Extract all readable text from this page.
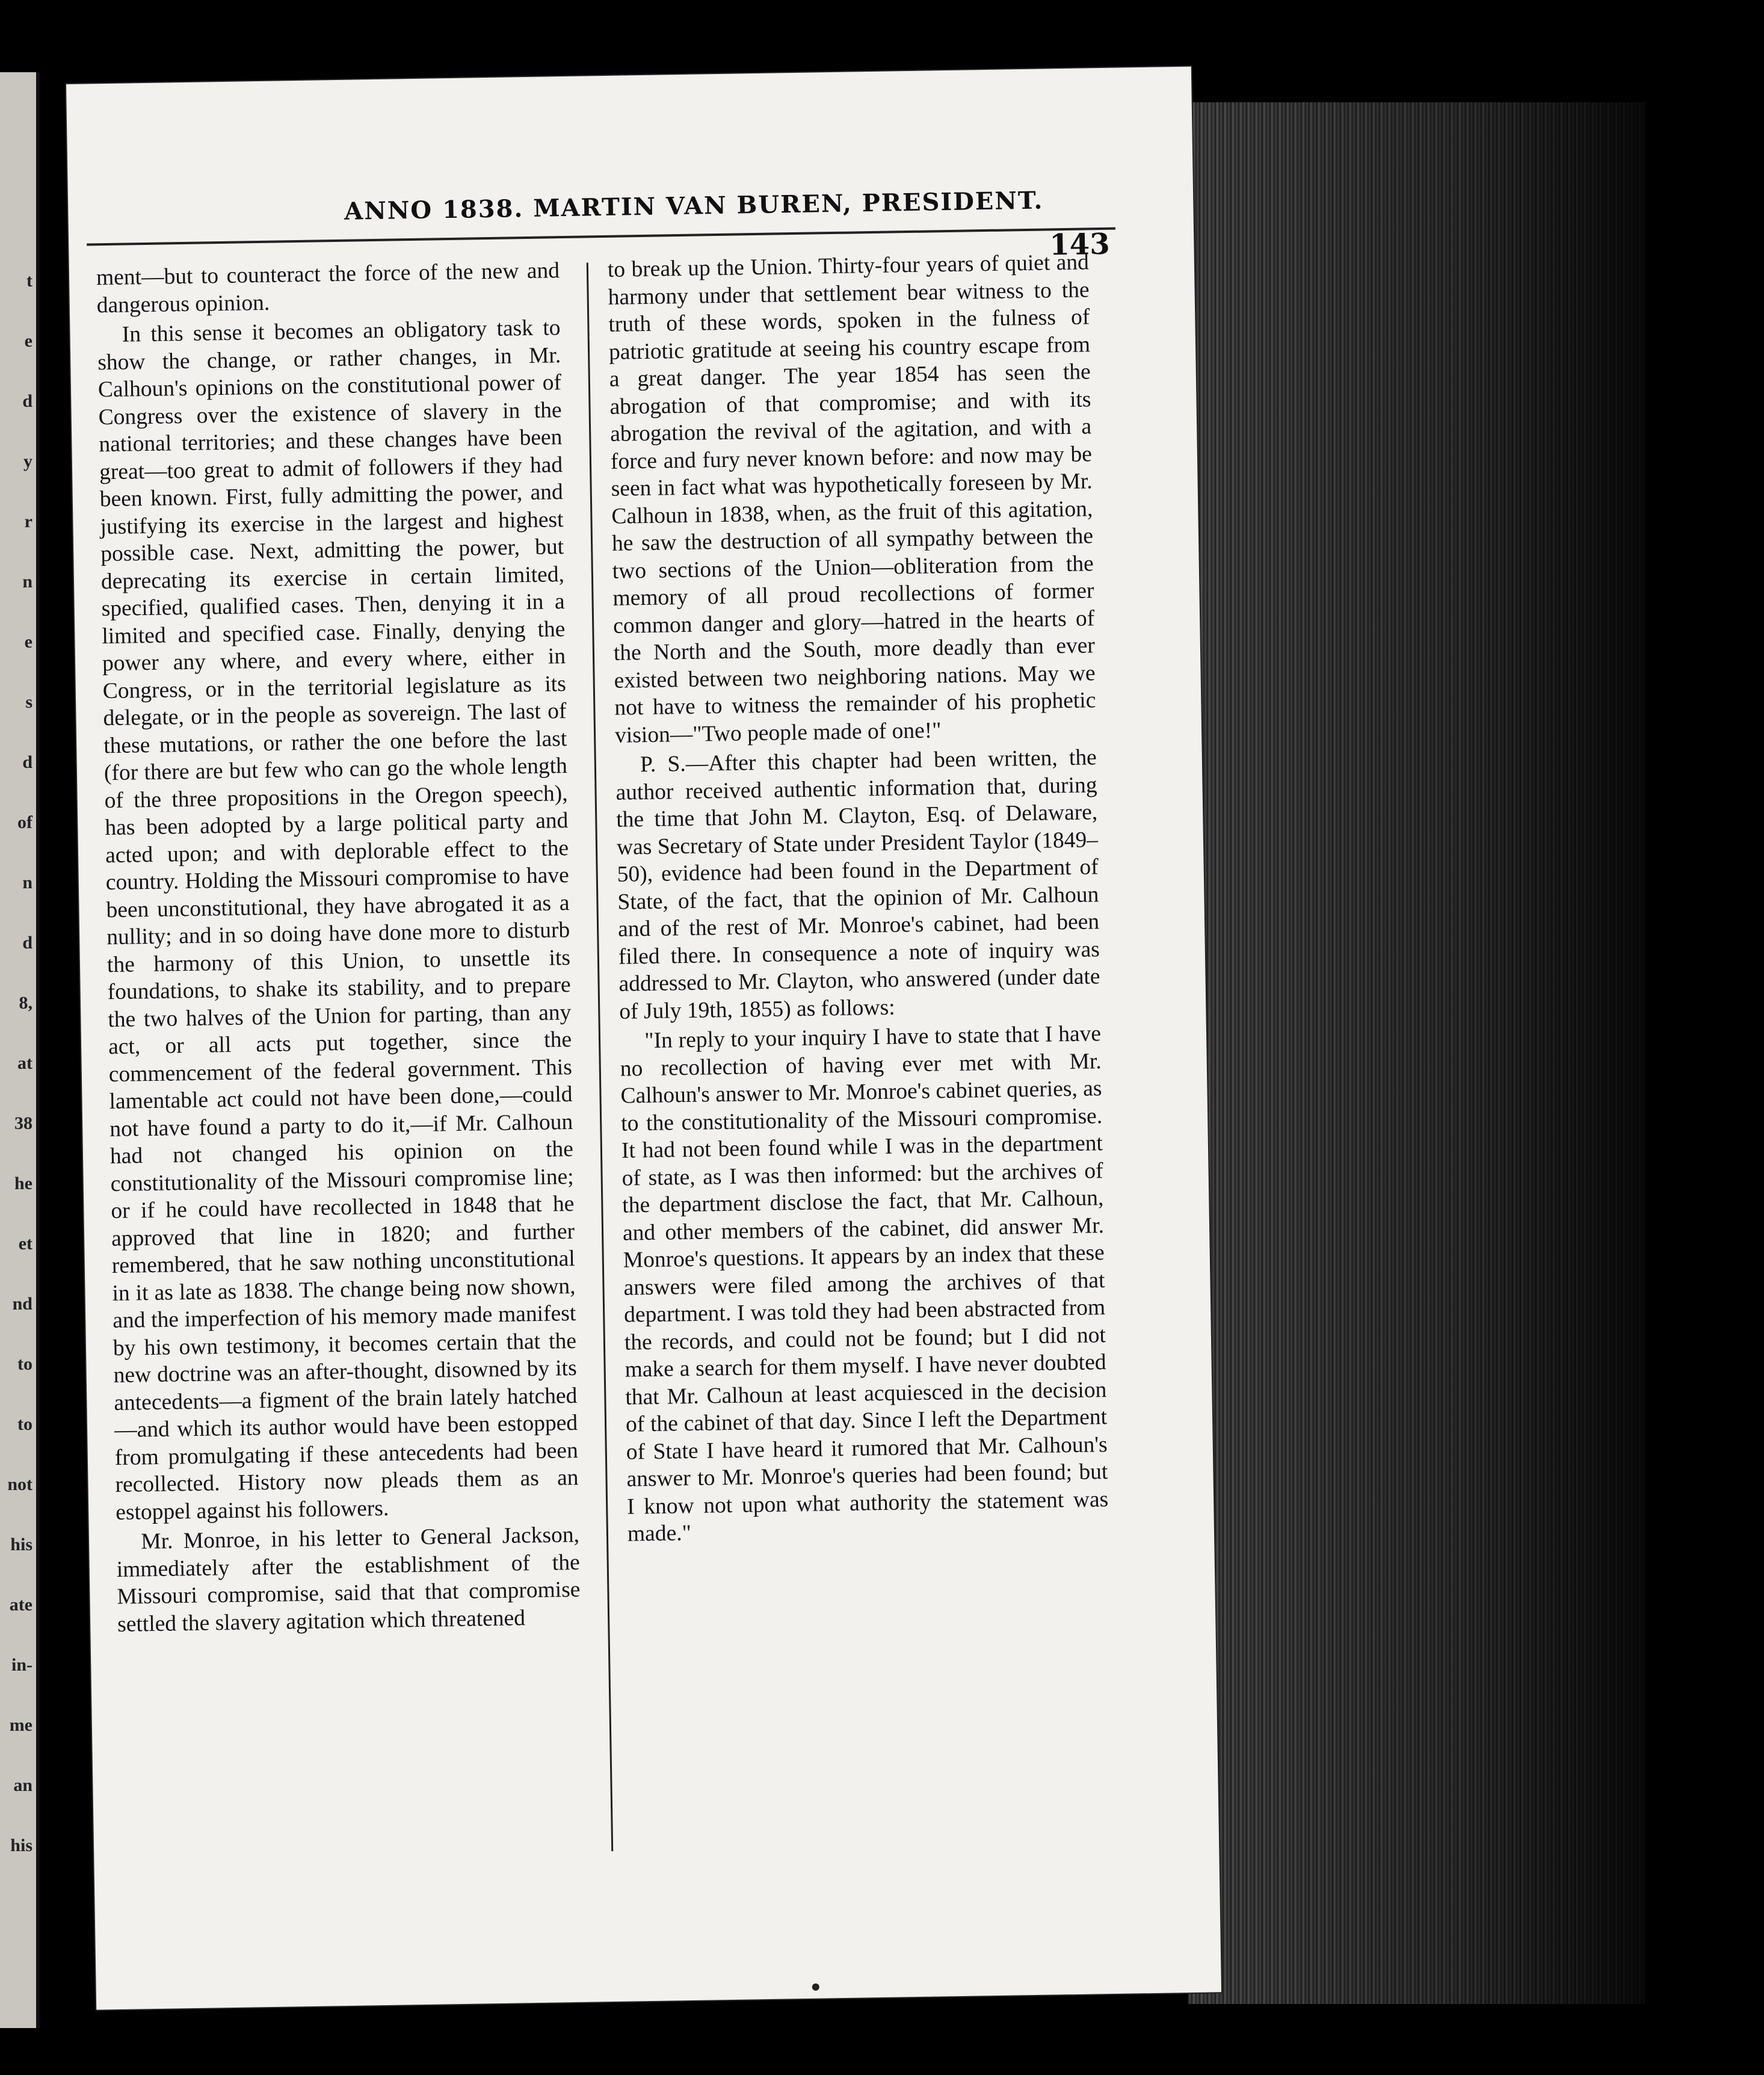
t
e
d
y
r
n
e
s
d
of
n
d
8,
at
38
he
et
nd
to
to
not
his
ate
in-
me
an
his
ANNO 1838. MARTIN VAN BUREN, PRESIDENT.
143

ment—but to counteract the force of the new and dangerous opinion.

In this sense it becomes an obligatory task to show the change, or rather changes, in Mr. Calhoun's opinions on the constitutional power of Congress over the existence of slavery in the national territories; and these changes have been great—too great to admit of followers if they had been known. First, fully admitting the power, and justifying its exercise in the largest and highest possible case. Next, admitting the power, but deprecating its exercise in certain limited, specified, qualified cases. Then, denying it in a limited and specified case. Finally, denying the power any where, and every where, either in Congress, or in the territorial legislature as its delegate, or in the people as sovereign. The last of these mutations, or rather the one before the last (for there are but few who can go the whole length of the three propositions in the Oregon speech), has been adopted by a large political party and acted upon; and with deplorable effect to the country. Holding the Missouri compromise to have been unconstitutional, they have abrogated it as a nullity; and in so doing have done more to disturb the harmony of this Union, to unsettle its foundations, to shake its stability, and to prepare the two halves of the Union for parting, than any act, or all acts put together, since the commencement of the federal government. This lamentable act could not have been done,—could not have found a party to do it,—if Mr. Calhoun had not changed his opinion on the constitutionality of the Missouri compromise line; or if he could have recollected in 1848 that he approved that line in 1820; and further remembered, that he saw nothing unconstitutional in it as late as 1838. The change being now shown, and the imperfection of his memory made manifest by his own testimony, it becomes certain that the new doctrine was an after-thought, disowned by its antecedents—a figment of the brain lately hatched—and which its author would have been estopped from promulgating if these antecedents had been recollected. History now pleads them as an estoppel against his followers.

Mr. Monroe, in his letter to General Jackson, immediately after the establishment of the Missouri compromise, said that that compromise settled the slavery agitation which threatened

to break up the Union. Thirty-four years of quiet and harmony under that settlement bear witness to the truth of these words, spoken in the fulness of patriotic gratitude at seeing his country escape from a great danger. The year 1854 has seen the abrogation of that compromise; and with its abrogation the revival of the agitation, and with a force and fury never known before: and now may be seen in fact what was hypothetically foreseen by Mr. Calhoun in 1838, when, as the fruit of this agitation, he saw the destruction of all sympathy between the two sections of the Union—obliteration from the memory of all proud recollections of former common danger and glory—hatred in the hearts of the North and the South, more deadly than ever existed between two neighboring nations. May we not have to witness the remainder of his prophetic vision—"Two people made of one!"

P. S.—After this chapter had been written, the author received authentic information that, during the time that John M. Clayton, Esq. of Delaware, was Secretary of State under President Taylor (1849–50), evidence had been found in the Department of State, of the fact, that the opinion of Mr. Calhoun and of the rest of Mr. Monroe's cabinet, had been filed there. In consequence a note of inquiry was addressed to Mr. Clayton, who answered (under date of July 19th, 1855) as follows:

"In reply to your inquiry I have to state that I have no recollection of having ever met with Mr. Calhoun's answer to Mr. Monroe's cabinet queries, as to the constitutionality of the Missouri compromise. It had not been found while I was in the department of state, as I was then informed: but the archives of the department disclose the fact, that Mr. Calhoun, and other members of the cabinet, did answer Mr. Monroe's questions. It appears by an index that these answers were filed among the archives of that department. I was told they had been abstracted from the records, and could not be found; but I did not make a search for them myself. I have never doubted that Mr. Calhoun at least acquiesced in the decision of the cabinet of that day. Since I left the Department of State I have heard it rumored that Mr. Calhoun's answer to Mr. Monroe's queries had been found; but I know not upon what authority the statement was made."
